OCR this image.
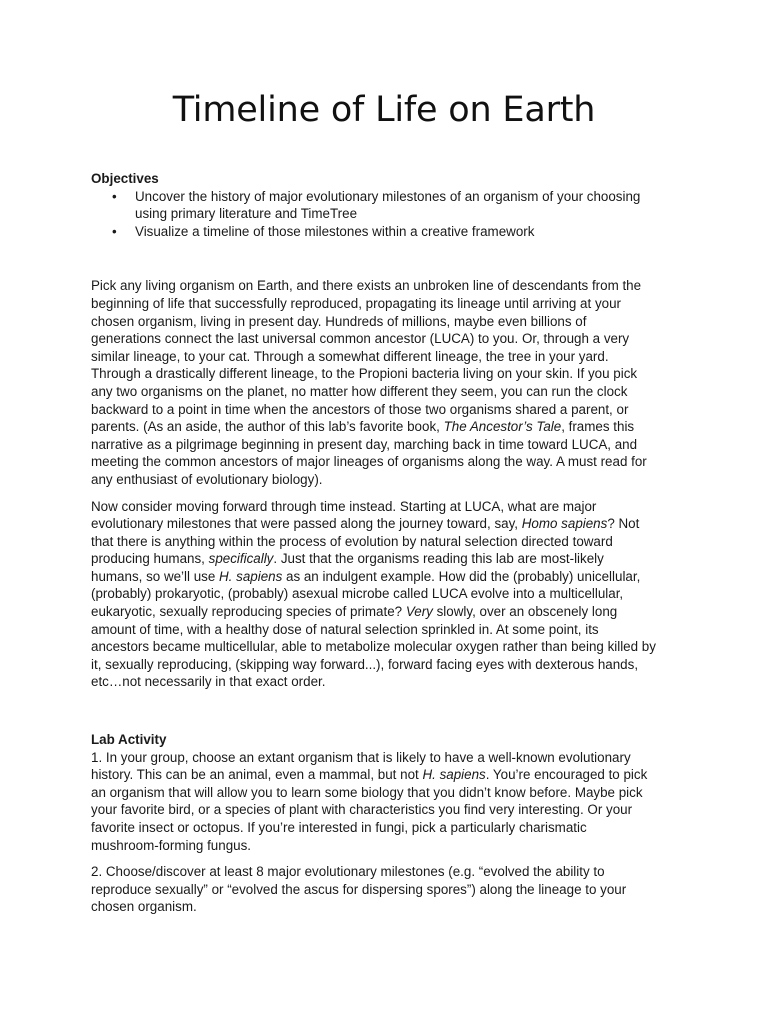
Timeline of Life on Earth

Objectives

• Uncover the history of major evolutionary milestones of an organism of your choosing using primary literature and TimeTree
• Visualize a timeline of those milestones within a creative framework

Pick any living organism on Earth, and there exists an unbroken line of descendants from the beginning of life that successfully reproduced, propagating its lineage until arriving at your chosen organism, living in present day. Hundreds of millions, maybe even billions of generations connect the last universal common ancestor (LUCA) to you. Or, through a very similar lineage, to your cat. Through a somewhat different lineage, the tree in your yard. Through a drastically different lineage, to the Propioni bacteria living on your skin. If you pick any two organisms on the planet, no matter how different they seem, you can run the clock backward to a point in time when the ancestors of those two organisms shared a parent, or parents. (As an aside, the author of this lab’s favorite book, The Ancestor’s Tale, frames this narrative as a pilgrimage beginning in present day, marching back in time toward LUCA, and meeting the common ancestors of major lineages of organisms along the way. A must read for any enthusiast of evolutionary biology).

Now consider moving forward through time instead. Starting at LUCA, what are major evolutionary milestones that were passed along the journey toward, say, Homo sapiens? Not that there is anything within the process of evolution by natural selection directed toward producing humans, specifically. Just that the organisms reading this lab are most-likely humans, so we’ll use H. sapiens as an indulgent example. How did the (probably) unicellular, (probably) prokaryotic, (probably) asexual microbe called LUCA evolve into a multicellular, eukaryotic, sexually reproducing species of primate? Very slowly, over an obscenely long amount of time, with a healthy dose of natural selection sprinkled in. At some point, its ancestors became multicellular, able to metabolize molecular oxygen rather than being killed by it, sexually reproducing, (skipping way forward...), forward facing eyes with dexterous hands, etc…not necessarily in that exact order.

Lab Activity

1. In your group, choose an extant organism that is likely to have a well-known evolutionary history. This can be an animal, even a mammal, but not H. sapiens. You’re encouraged to pick an organism that will allow you to learn some biology that you didn’t know before. Maybe pick your favorite bird, or a species of plant with characteristics you find very interesting. Or your favorite insect or octopus. If you’re interested in fungi, pick a particularly charismatic mushroom-forming fungus.

2. Choose/discover at least 8 major evolutionary milestones (e.g. “evolved the ability to reproduce sexually” or “evolved the ascus for dispersing spores”) along the lineage to your chosen organism.
